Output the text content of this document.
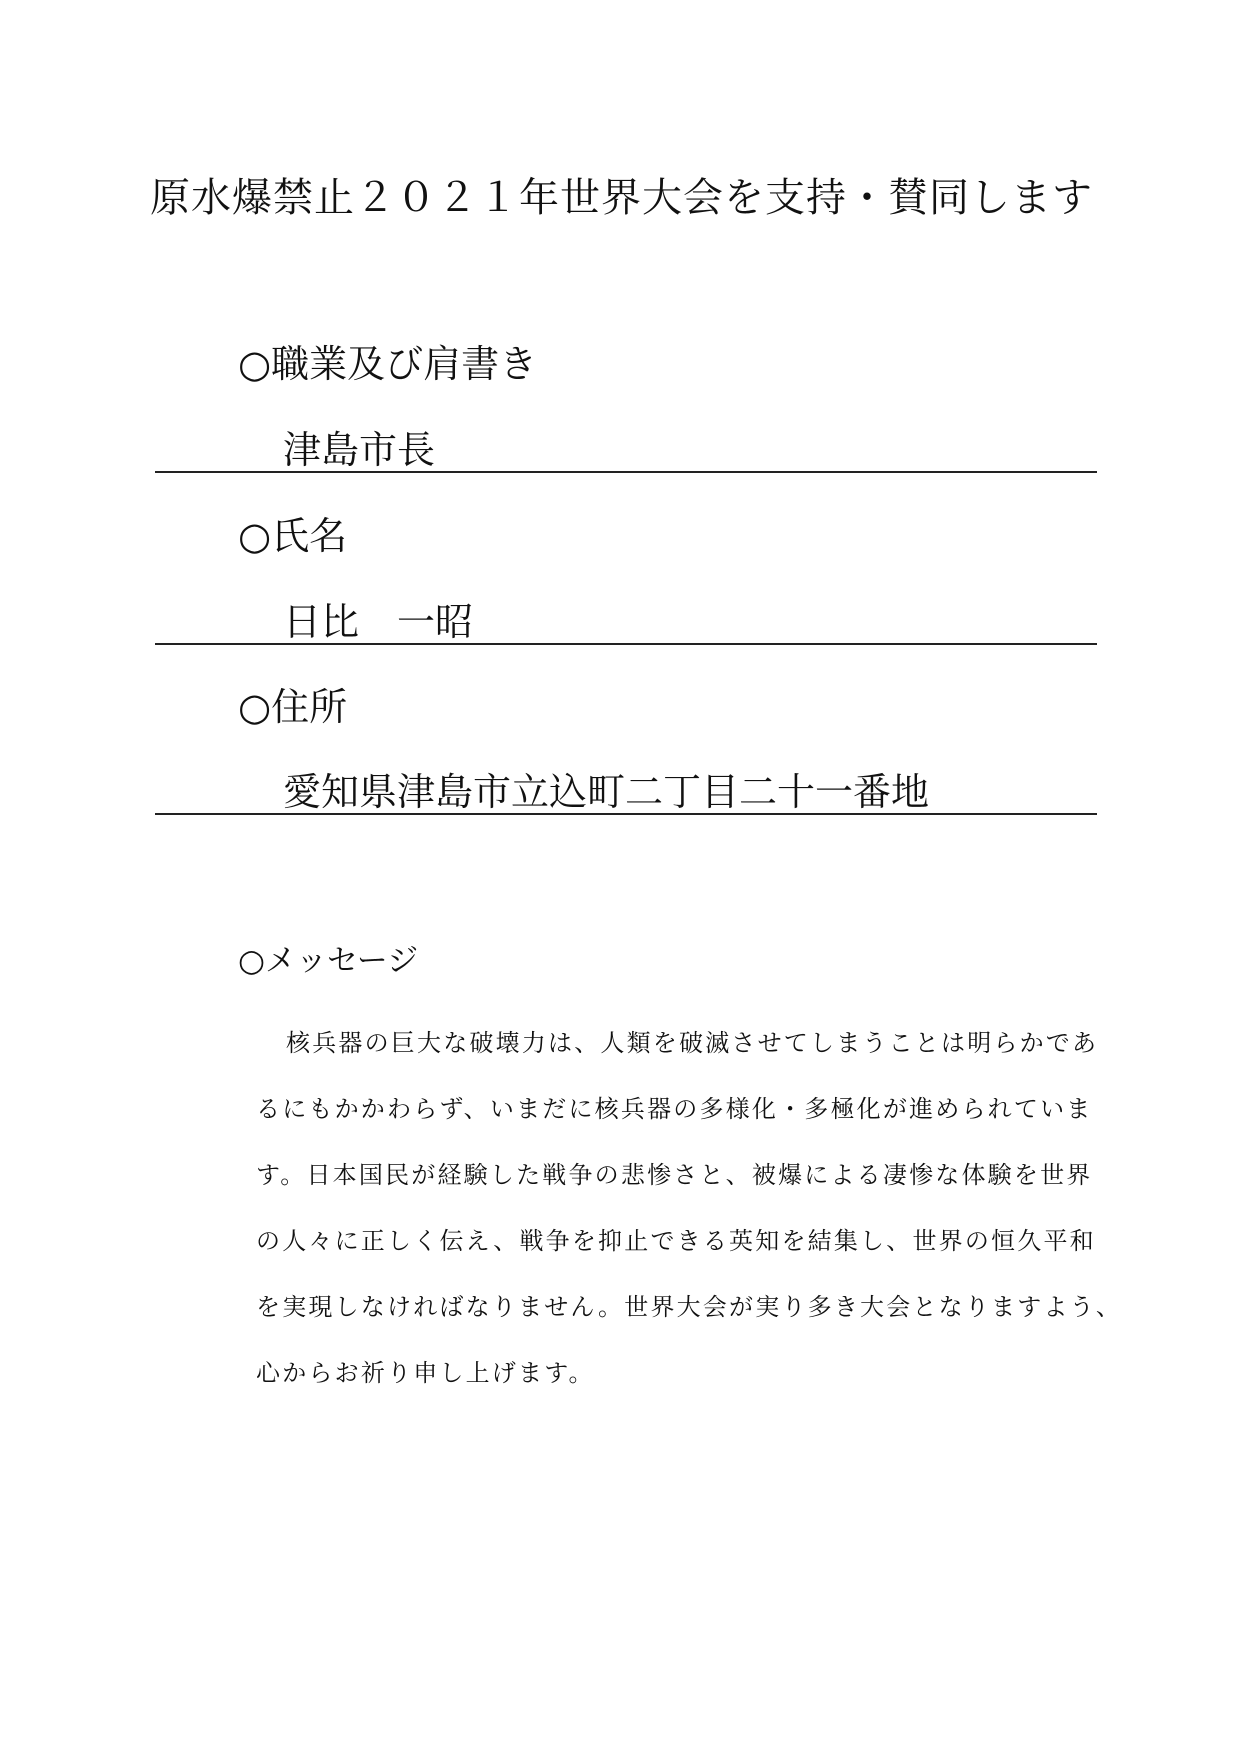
原水爆禁止２０２１年世界大会を支持・賛同します
○職業及び肩書き
津島市長
○氏名
日比　一昭
○住所
愛知県津島市立込町二丁目二十一番地
○メッセージ
核兵器の巨大な破壊力は、人類を破滅させてしまうことは明らかであ
るにもかかわらず、いまだに核兵器の多様化・多極化が進められていま
す。日本国民が経験した戦争の悲惨さと、被爆による凄惨な体験を世界
の人々に正しく伝え、戦争を抑止できる英知を結集し、世界の恒久平和
を実現しなければなりません。世界大会が実り多き大会となりますよう、
心からお祈り申し上げます。
